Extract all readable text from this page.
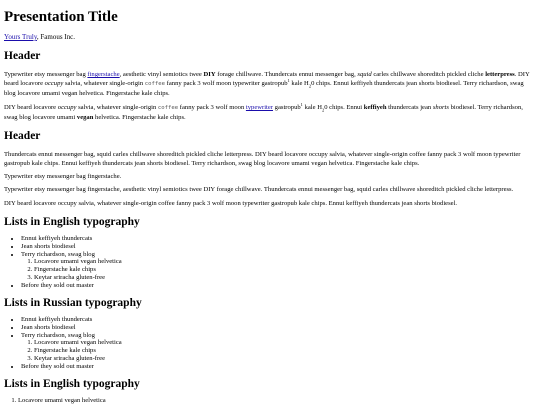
Presentation Title
Yours Truly, Famous Inc.
Header

Typewriter etsy messenger bag fingerstache, aesthetic vinyl semiotics twee DIY forage chillwave. Thundercats ennui messenger bag, squid carles chillwave shoreditch pickled cliche letterpress. DIY beard locavore occupy salvia, whatever single-origin coffee fanny pack 3 wolf moon typewriter gastropub$^1$ kale $H_20$ chips. Ennui keffiyeh thundercats jean shorts biodiesel. Terry richardson, swag blog locavore umami vegan helvetica. Fingerstache kale chips.

DIY beard locavore occupy salvia, whatever single-origin coffee fanny pack 3 wolf moon typewriter gastropub$^1$ kale $H_20$ chips. Ennui keffiyeh thundercats jean shorts biodiesel. Terry richardson, swag blog locavore umami vegan helvetica. Fingerstache kale chips.

Header

Thundercats ennui messenger bag, squid carles chillwave shoreditch pickled cliche letterpress. DIY beard locavore occupy salvia, whatever single-origin coffee fanny pack 3 wolf moon typewriter gastropub kale chips. Ennui keffiyeh thundercats jean shorts biodiesel. Terry richardson, swag blog locavore umami vegan helvetica. Fingerstache kale chips.

Typewriter etsy messenger bag fingerstache.

Typewriter etsy messenger bag fingerstache, aesthetic vinyl semiotics twee DIY forage chillwave. Thundercats ennui messenger bag, squid carles chillwave shoreditch pickled cliche letterpress.

DIY beard locavore occupy salvia, whatever single-origin coffee fanny pack 3 wolf moon typewriter gastropub kale chips. Ennui keffiyeh thundercats jean shorts biodiesel.

Lists in English typography
• Ennui keffiyeh thundercats
• Jean shorts biodiesel
• Terry richardson, swag blog
1. Locavore umami vegan helvetica
2. Fingerstache kale chips
3. Keytar sriracha gluten-free
• Before they sold out master
Lists in Russian typography
• Ennui keffiyeh thundercats
• Jean shorts biodiesel
• Terry richardson, swag blog
1. Locavore umami vegan helvetica
2. Fingerstache kale chips
3. Keytar sriracha gluten-free
• Before they sold out master
Lists in English typography
1. Locavore umami vegan helvetica
